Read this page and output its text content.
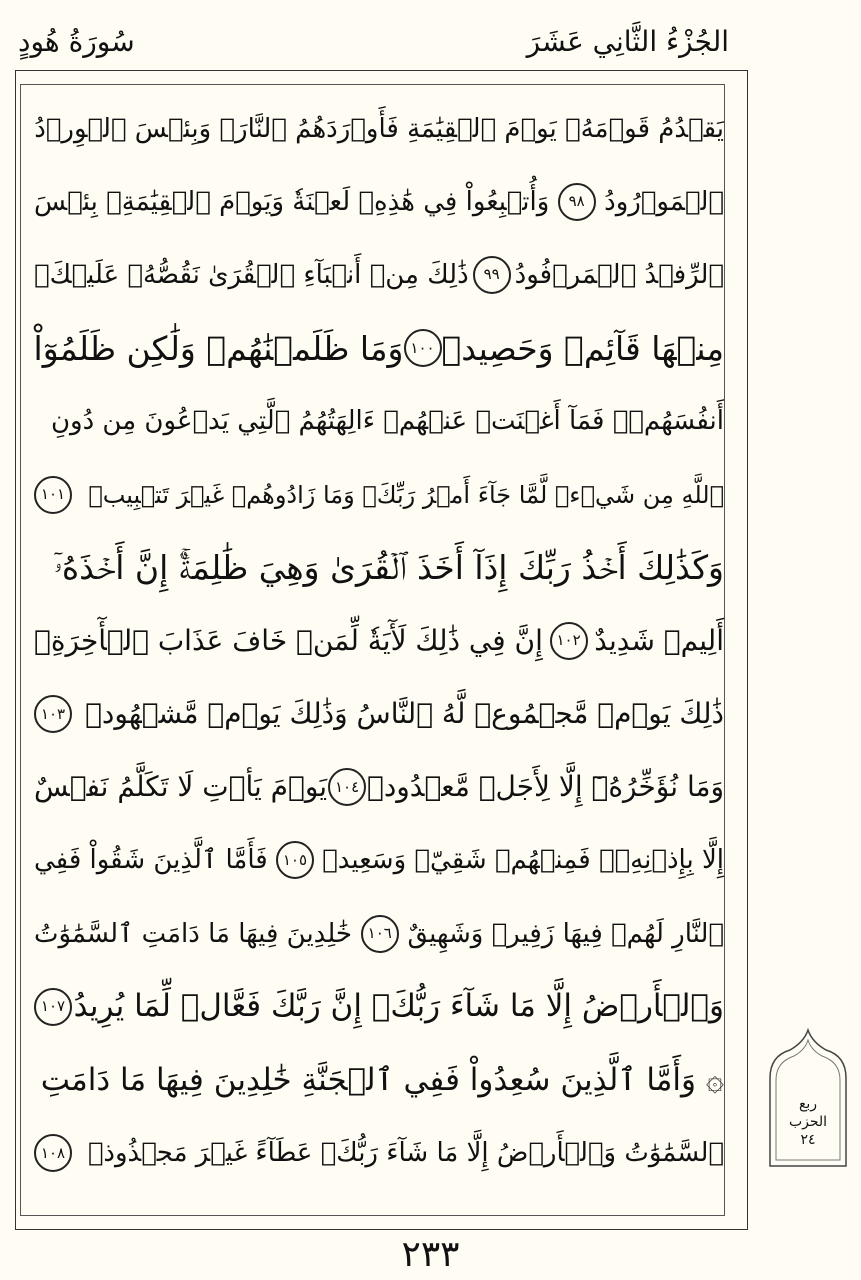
الجُزْءُ الثَّانِي عَشَرَ
سُورَةُ هُودٍ
يَقۡدُمُ قَوۡمَهُۥ يَوۡمَ ٱلۡقِيَٰمَةِ فَأَوۡرَدَهُمُ ٱلنَّارَۖ وَبِئۡسَ ٱلۡوِرۡدُ
ٱلۡمَوۡرُودُ
٩٨
وَأُتۡبِعُواْ فِي هَٰذِهِۦ لَعۡنَةٗ وَيَوۡمَ ٱلۡقِيَٰمَةِۚ بِئۡسَ
ٱلرِّفۡدُ ٱلۡمَرۡفُودُ
٩٩
ذَٰلِكَ مِنۡ أَنۢبَآءِ ٱلۡقُرَىٰ نَقُصُّهُۥ عَلَيۡكَۖ
مِنۡهَا قَآئِمٞ وَحَصِيدٞ
١٠٠
وَمَا ظَلَمۡنَٰهُمۡ وَلَٰكِن ظَلَمُوٓاْ
أَنفُسَهُمۡۖ فَمَآ أَغۡنَتۡ عَنۡهُمۡ ءَالِهَتُهُمُ ٱلَّتِي يَدۡعُونَ مِن دُونِ
ٱللَّهِ مِن شَيۡءٖ لَّمَّا جَآءَ أَمۡرُ رَبِّكَۖ وَمَا زَادُوهُمۡ غَيۡرَ تَتۡبِيبٖ
١٠١
وَكَذَٰلِكَ أَخۡذُ رَبِّكَ إِذَآ أَخَذَ ٱلۡقُرَىٰ وَهِيَ ظَٰلِمَةٌۚ إِنَّ أَخۡذَهُۥٓ
أَلِيمٞ شَدِيدٌ
١٠٢
إِنَّ فِي ذَٰلِكَ لَأٓيَةٗ لِّمَنۡ خَافَ عَذَابَ ٱلۡأٓخِرَةِۚ
ذَٰلِكَ يَوۡمٞ مَّجۡمُوعٞ لَّهُ ٱلنَّاسُ وَذَٰلِكَ يَوۡمٞ مَّشۡهُودٞ
١٠٣
وَمَا نُؤَخِّرُهُۥٓ إِلَّا لِأَجَلٖ مَّعۡدُودٖ
١٠٤
يَوۡمَ يَأۡتِ لَا تَكَلَّمُ نَفۡسٌ
إِلَّا بِإِذۡنِهِۦۚ فَمِنۡهُمۡ شَقِيّٞ وَسَعِيدٞ
١٠٥
فَأَمَّا ٱلَّذِينَ شَقُواْ فَفِي
ٱلنَّارِ لَهُمۡ فِيهَا زَفِيرٞ وَشَهِيقٌ
١٠٦
خَٰلِدِينَ فِيهَا مَا دَامَتِ ٱلسَّمَٰوَٰتُ
وَٱلۡأَرۡضُ إِلَّا مَا شَآءَ رَبُّكَۚ إِنَّ رَبَّكَ فَعَّالٞ لِّمَا يُرِيدُ
١٠٧
۞ وَأَمَّا ٱلَّذِينَ سُعِدُواْ فَفِي ٱلۡجَنَّةِ خَٰلِدِينَ فِيهَا مَا دَامَتِ
ٱلسَّمَٰوَٰتُ وَٱلۡأَرۡضُ إِلَّا مَا شَآءَ رَبُّكَۖ عَطَآءً غَيۡرَ مَجۡذُوذٖ
١٠٨
ربع
الحزب
٢٤
٢٣٣
